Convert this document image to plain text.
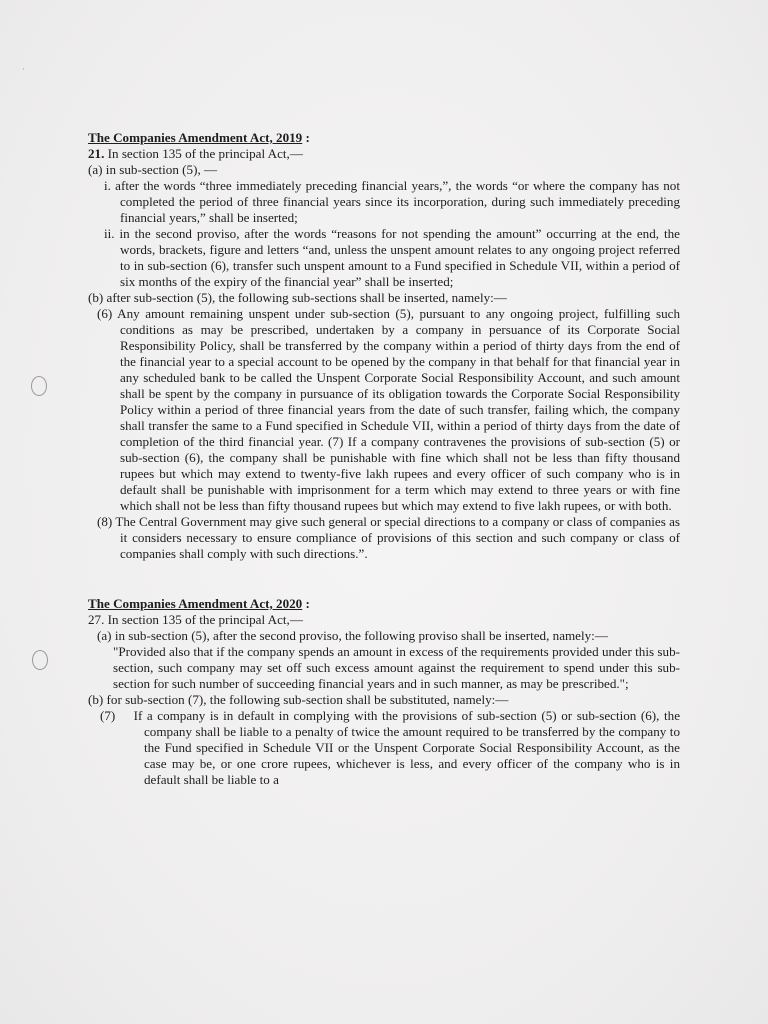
·

The Companies Amendment Act, 2019 :

21. In section 135 of the principal Act,—

(a) in sub-section (5), —

i. after the words “three immediately preceding financial years,”, the words “or where the company has not completed the period of three financial years since its incorporation, during such immediately preceding financial years,” shall be inserted;

ii. in the second proviso, after the words “reasons for not spending the amount” occurring at the end, the words, brackets, figure and letters “and, unless the unspent amount relates to any ongoing project referred to in sub-section (6), transfer such unspent amount to a Fund specified in Schedule VII, within a period of six months of the expiry of the financial year” shall be inserted;

(b) after sub-section (5), the following sub-sections shall be inserted, namely:—

(6) Any amount remaining unspent under sub-section (5), pursuant to any ongoing project, fulfilling such conditions as may be prescribed, undertaken by a company in persuance of its Corporate Social Responsibility Policy, shall be transferred by the company within a period of thirty days from the end of the financial year to a special account to be opened by the company in that behalf for that financial year in any scheduled bank to be called the Unspent Corporate Social Responsibility Account, and such amount shall be spent by the company in pursuance of its obligation towards the Corporate Social Responsibility Policy within a period of three financial years from the date of such transfer, failing which, the company shall transfer the same to a Fund specified in Schedule VII, within a period of thirty days from the date of completion of the third financial year. (7) If a company contravenes the provisions of sub-section (5) or sub-section (6), the company shall be punishable with fine which shall not be less than fifty thousand rupees but which may extend to twenty-five lakh rupees and every officer of such company who is in default shall be punishable with imprisonment for a term which may extend to three years or with fine which shall not be less than fifty thousand rupees but which may extend to five lakh rupees, or with both.

(8) The Central Government may give such general or special directions to a company or class of companies as it considers necessary to ensure compliance of provisions of this section and such company or class of companies shall comply with such directions.”.

The Companies Amendment Act, 2020 :

27. In section 135 of the principal Act,—

(a) in sub-section (5), after the second proviso, the following proviso shall be inserted, namely:—

"Provided also that if the company spends an amount in excess of the requirements provided under this sub-section, such company may set off such excess amount against the requirement to spend under this sub-section for such number of succeeding financial years and in such manner, as may be prescribed.";

(b) for sub-section (7), the following sub-section shall be substituted, namely:—

(7) If a company is in default in complying with the provisions of sub-section (5) or sub-section (6), the company shall be liable to a penalty of twice the amount required to be transferred by the company to the Fund specified in Schedule VII or the Unspent Corporate Social Responsibility Account, as the case may be, or one crore rupees, whichever is less, and every officer of the company who is in default shall be liable to a
